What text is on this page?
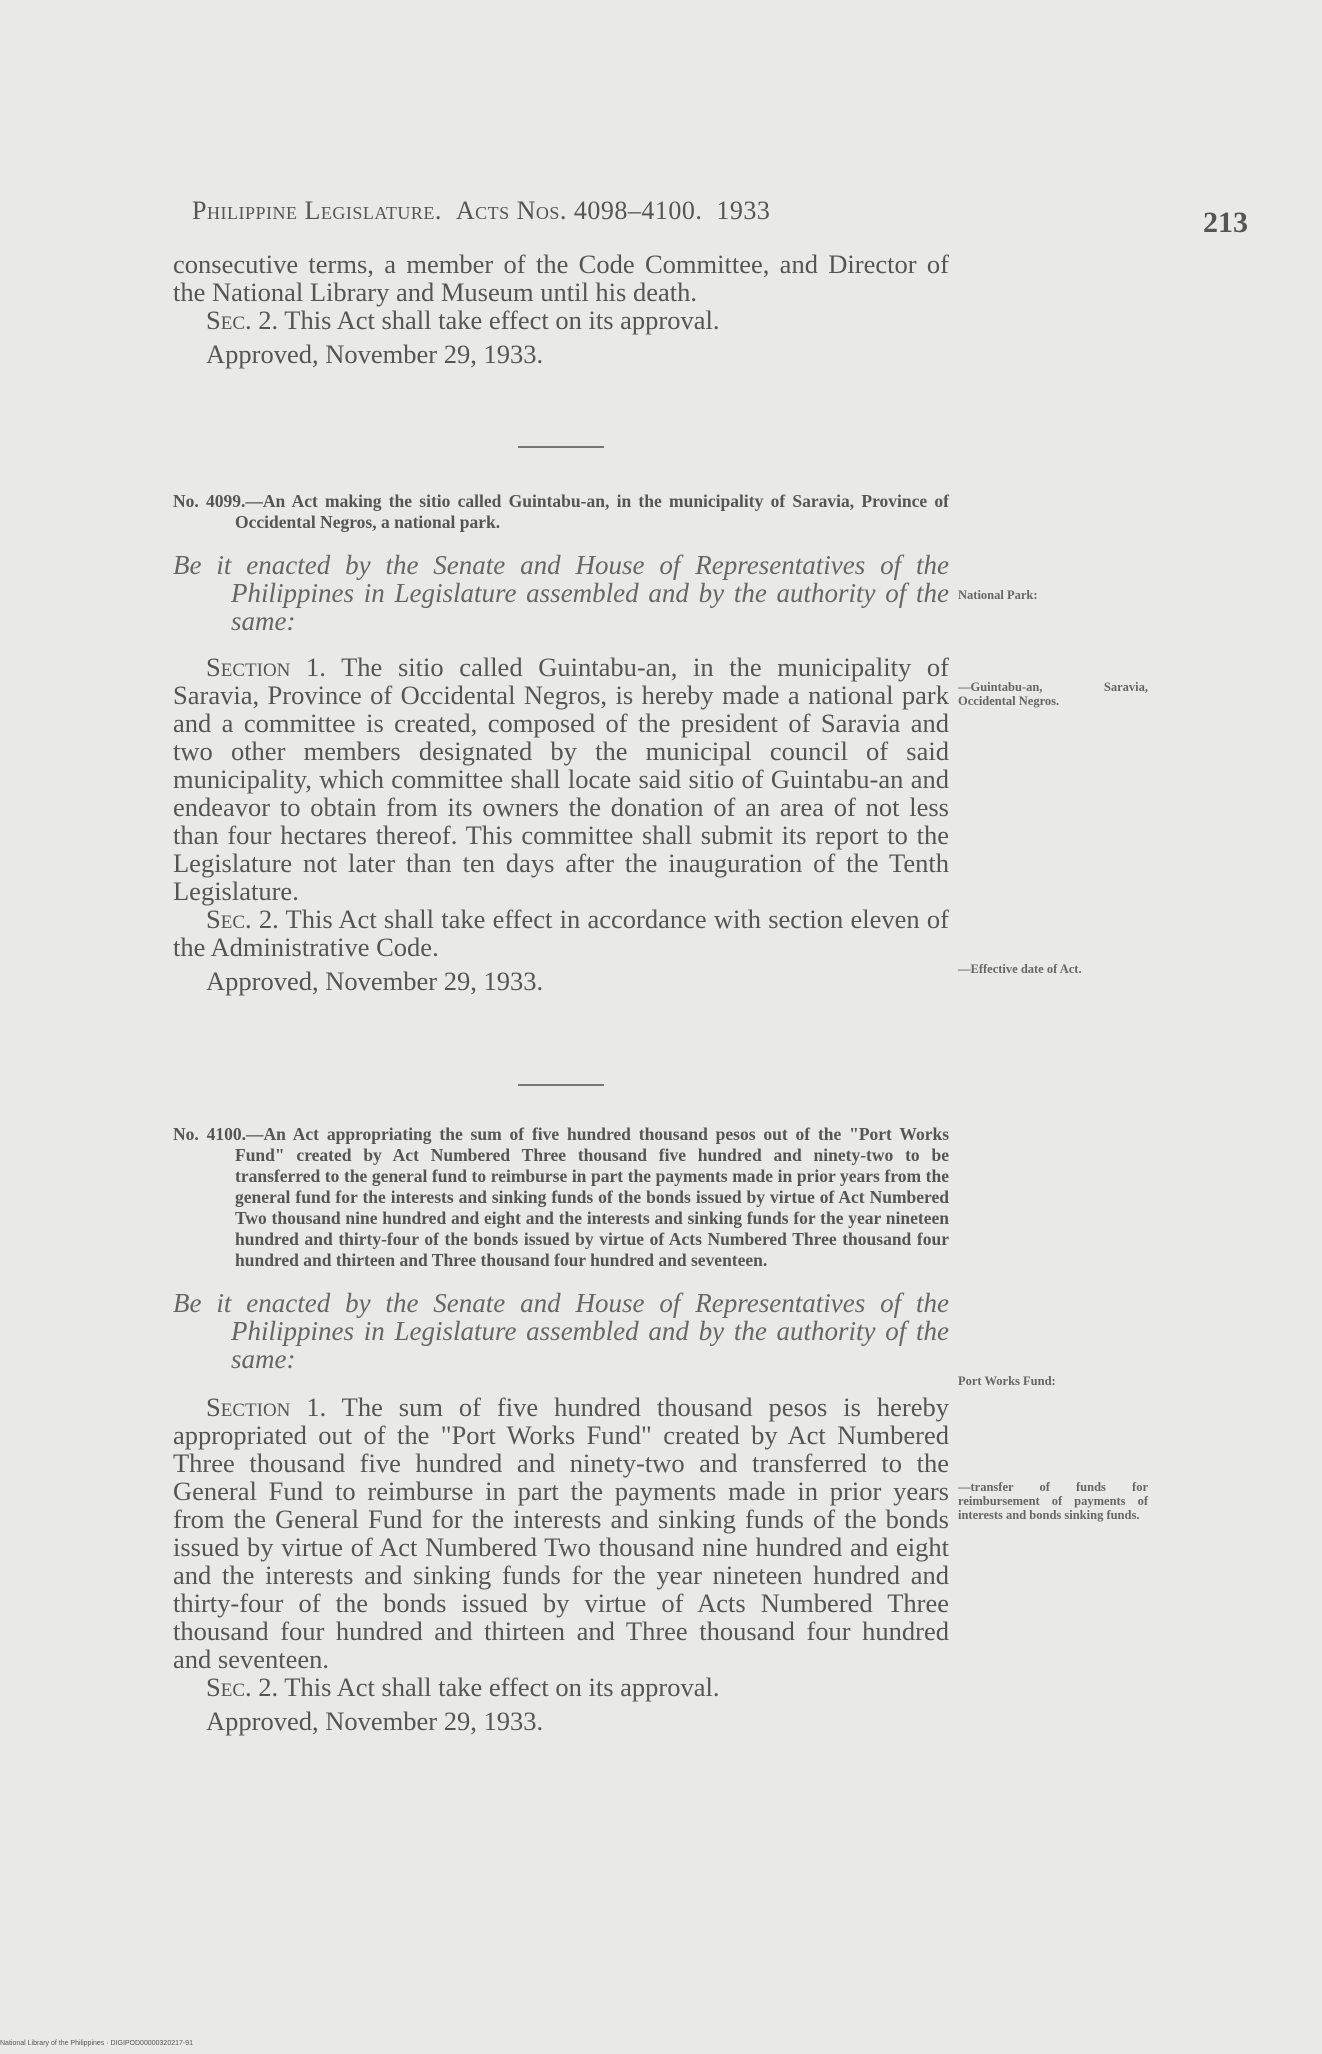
Philippine Legislature. Acts Nos. 4098–4100. 1933	213

consecutive terms, a member of the Code Committee, and Director of the National Library and Museum until his death.

Sec. 2. This Act shall take effect on its approval.

Approved, November 29, 1933.

No. 4099.—An Act making the sitio called Guintabu-an, in the municipality of Saravia, Province of Occidental Negros, a national park.

Be it enacted by the Senate and House of Representatives of the Philippines in Legislature assembled and by the authority of the same:

Section 1. The sitio called Guintabu-an, in the municipality of Saravia, Province of Occidental Negros, is hereby made a national park and a committee is created, composed of the president of Saravia and two other members designated by the municipal council of said municipality, which committee shall locate said sitio of Guintabu-an and endeavor to obtain from its owners the donation of an area of not less than four hectares thereof. This committee shall submit its report to the Legislature not later than ten days after the inauguration of the Tenth Legislature.

Sec. 2. This Act shall take effect in accordance with section eleven of the Administrative Code.

Approved, November 29, 1933.

National Park:
—Guintabu-an, Saravia, Occidental Negros.
—Effective date of Act.

No. 4100.—An Act appropriating the sum of five hundred thousand pesos out of the "Port Works Fund" created by Act Numbered Three thousand five hundred and ninety-two to be transferred to the general fund to reimburse in part the payments made in prior years from the general fund for the interests and sinking funds of the bonds issued by virtue of Act Numbered Two thousand nine hundred and eight and the interests and sinking funds for the year nineteen hundred and thirty-four of the bonds issued by virtue of Acts Numbered Three thousand four hundred and thirteen and Three thousand four hundred and seventeen.

Be it enacted by the Senate and House of Representatives of the Philippines in Legislature assembled and by the authority of the same:

Section 1. The sum of five hundred thousand pesos is hereby appropriated out of the "Port Works Fund" created by Act Numbered Three thousand five hundred and ninety-two and transferred to the General Fund to reimburse in part the payments made in prior years from the General Fund for the interests and sinking funds of the bonds issued by virtue of Act Numbered Two thousand nine hundred and eight and the interests and sinking funds for the year nineteen hundred and thirty-four of the bonds issued by virtue of Acts Numbered Three thousand four hundred and thirteen and Three thousand four hundred and seventeen.

Sec. 2. This Act shall take effect on its approval.

Approved, November 29, 1933.

Port Works Fund:
—transfer of funds for reimbursement of payments of interests and bonds sinking funds.
National Library of the Philippines · DIGIPOD00000320217-91
